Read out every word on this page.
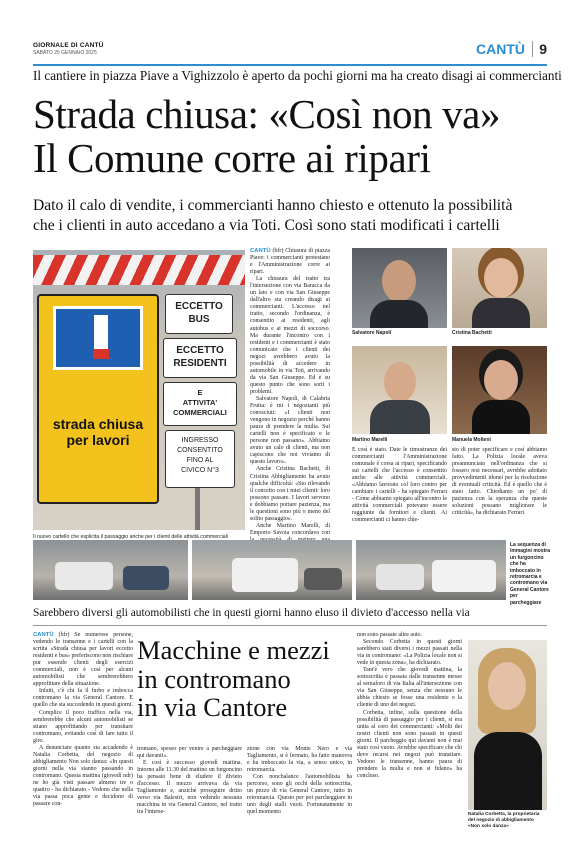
GIORNALE DI CANTÙ
SABATO 25 GENNAIO 2025	CANTÙ	9
Il cantiere in piazza Piave a Vighizzolo è aperto da pochi giorni ma ha creato disagi ai commercianti
Strada chiusa: «Così non va»
Il Comune corre ai ripari
Dato il calo di vendite, i commercianti hanno chiesto e ottenuto la possibilità
che i clienti in auto accedano a via Toti. Così sono stati modificati i cartelli
strada chiusa
per lavori
ECCETTO
BUS
ECCETTO
RESIDENTI
E
ATTIVITA'
COMMERCIALI
INGRESSO
CONSENTITO
FINO AL
CIVICO N°3
Il nuovo cartello che esplicita il passaggio anche per i clienti delle attività commerciali

CANTÙ (bfr) Chiusura di piazza Piave: i commercianti protestano e l'Amministrazione corre ai ripari.

La chiusura del tratto tra l'intersezione con via Baracca da un lato e con via San Giuseppe dall'altro sta creando disagi ai commercianti. L'accesso nel tratto, secondo l'ordinanza, è consentito ai residenti, agli autobus e ai mezzi di soccorso. Ma durante l'incontro con i residenti e i commercianti è stato comunicato che i clienti dei negozi avrebbero avuto la possibilità di accedere in automobile in via Toti, arrivando da via San Giuseppe. Ed è su questo punto che sono sorti i problemi.

Salvatore Napoli, di Calabria Frutta: è mi i negozianti più conosciuti: «I clienti non vengono in negozio perché hanno paura di prendere la multa. Sui cartelli non è specificato e le persone non passano». Abbiamo avuto un calo di clienti, ma non capiscono che noi viviamo di questo lavoro».

Anche Cristina Bachetti, di Cristina Abbigliamento ha avuto qualche difficoltà: «Sto rilevando il concetto con i miei clienti: loro possono passare. I lavori servono e dobbiamo portare pazienza, ma le questioni sono più o meno del solito passaggio».

Anche Martino Marelli, di Emporio Savoia concordava con

Salvatore Napoli	Cristina Bachetti
Martino Marelli	Manuela Molteni

E così è stato. Date le rimostranze dei commercianti l'Amministrazione comunale è corsa ai ripari, specificando sui cartelli che l'accesso è consentito anche alle attività commerciali. «Abbiamo lavorato col loro contro per cambiare i cartelli - ha spiegato Ferrari - Come abbiamo spiegato all'incontro le attività commerciali potevano essere raggiunte da fornitori e clienti. Ai commercianti ci hanno chie-

sto di poter specificare e così abbiamo fatto. La Polizia locale aveva preannunciato nell'ordinanza che si fossero resi necessari, avrebbe adottato provvedimenti idonei per la risoluzione di eventuali criticità. Ed è quello che è stato fatto. Chiediamo un po' di pazienza con la speranza che queste soluzioni possano migliorare le criticità», ha dichiarato Ferrari.

La sequenza di immagini mostra un furgoncino che ha imboccato in retromarcia e contromano via General Cantore per parcheggiare
Sarebbero diversi gli automobilisti che in questi giorni hanno eluso il divieto d'accesso nella via

CANTÙ (bfr) Se numerose persone, vedendo le transenne e i cartelli con la scritta «Strada chiusa per lavori eccetto residenti e bus» preferiscono non rischiare pur essendo clienti degli esercizi commerciali, non è così per alcuni automobilisti che sembrerebbero approfittare della situazione.

Infatti, c'è chi fa il furbo e imbocca contromano la via General Cantore. E quello che sta succedendo in questi giorni.

Complice il poco traffico nella via, sembrerebbe che alcuni automobilisti se stiano approfittando per transitare contromano, evitando così di fare tutto il giro.

A denunciare quanto sta accadendo è Natalia Corbetta, del negozio di abbigliamento Non solo danza: «In questi giorni nella via stanno passando in contromano. Questa mattina (giovedì ndr) ne ho già visti passare almeno tre o quattro - ha dichiarato - Vedono che nella via passa poca gente e decidono di passare con-

Macchine e mezzi
in contromano
in via Cantore

tromano, spesso per venire a parcheggiare qui davanti».

E così è successo giovedì mattina. Intorno alle 11.30 del mattino un furgoncino ha pensato bene di eludere il divieto d'accesso. Il mezzo arrivava da via Tagliamento e, anziché proseguire dritto verso via Balestri, non vedendo nessuna macchina in via General Cantore, nel tratto tra l'interse-

zione con via Monte Nero e via Tagliamento, si è fermato, ha fatto manovra e ha imboccato la via, a senso unico, in retromarcia.

Con nonchalance l'automobilista ha percorso, sono gli occhi della sottoscritta, un pezzo di via General Cantore, tutto in retromarcia. Questo per poi parcheggiare in uno degli stalli vuoti. Fortunatamente in quel momento

non sono passate altre auto.

Secondo Corbetta in questi giorni sarebbero stati diversi i mezzi passati nella via in contromano: «La Polizia locale non si vede in questa zona», ha dichiarato.

Tant'è vero che giovedì mattina, la sottoscritta è passata dalle transenne messe al semaforo di via Italia all'intersezione con via San Giuseppe, senza che nessuno le abbia chiesto se fosse una residente o la cliente di uno dei negozi.

Corbetta, infine, sulla questione della possibilità di passaggio per i clienti, si era unita al coro dei commercianti: «Molti dei nostri clienti non sono passati in questi giorni. Il parcheggio qui davanti non è mai stato così vuoto. Avrebbe specificare che chi deve recarsi nei negozi può transitare. Vedono le transenne, hanno paura di prendere la multa e non si fidano» ha concluso.

Natalia Corbetta, la proprietaria del negozio di abbigliamento «Non solo danza»
